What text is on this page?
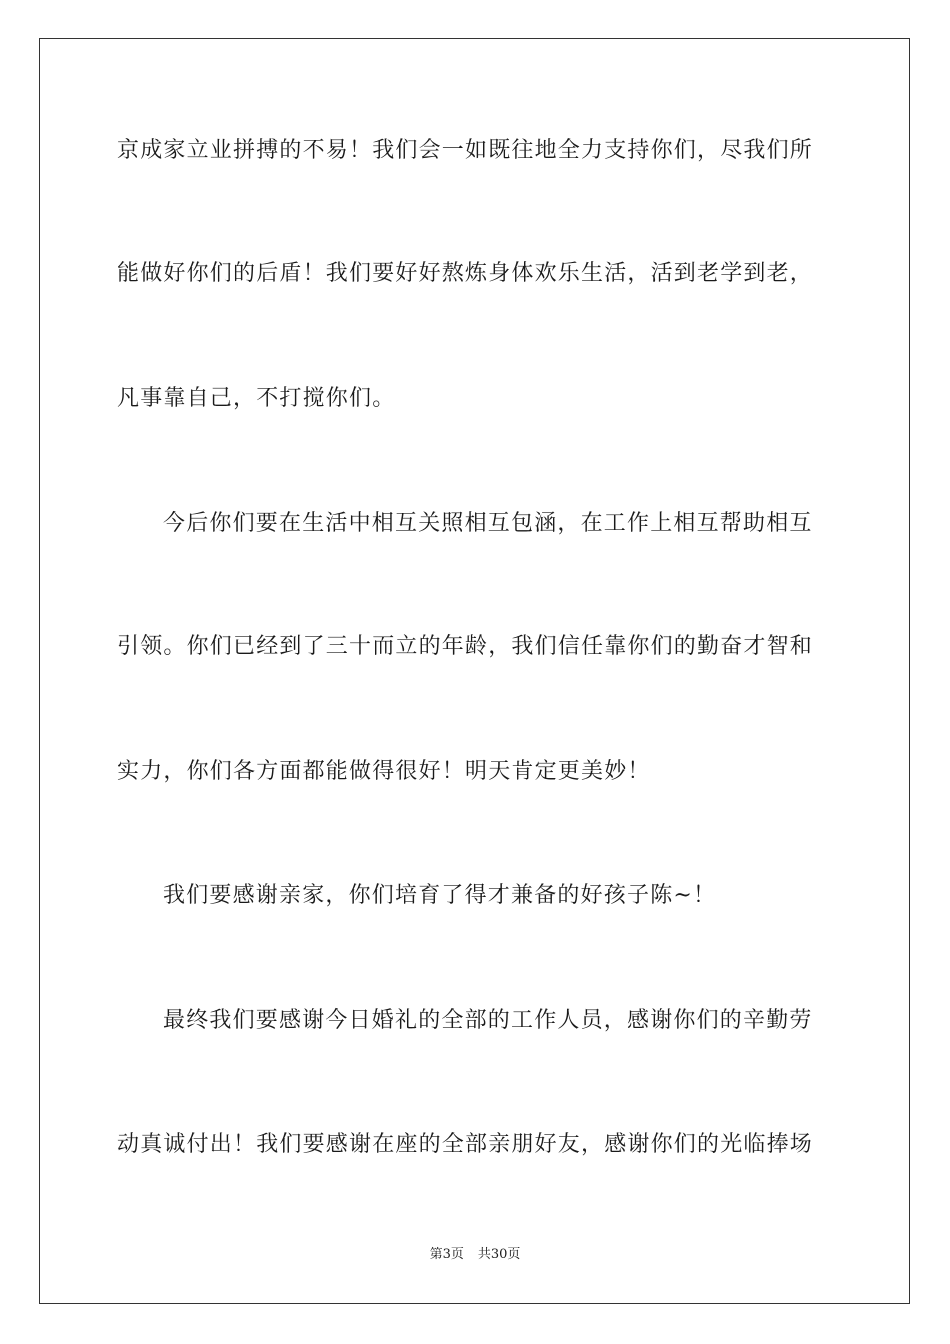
京成家立业拼搏的不易！我们会一如既往地全力支持你们，尽我们所
能做好你们的后盾！我们要好好熬炼身体欢乐生活，活到老学到老，
凡事靠自己，不打搅你们。
今后你们要在生活中相互关照相互包涵，在工作上相互帮助相互
引领。你们已经到了三十而立的年龄，我们信任靠你们的勤奋才智和
实力，你们各方面都能做得很好！明天肯定更美妙！
我们要感谢亲家，你们培育了得才兼备的好孩子陈~！
最终我们要感谢今日婚礼的全部的工作人员，感谢你们的辛勤劳
动真诚付出！我们要感谢在座的全部亲朋好友，感谢你们的光临捧场
第3页 共30页
